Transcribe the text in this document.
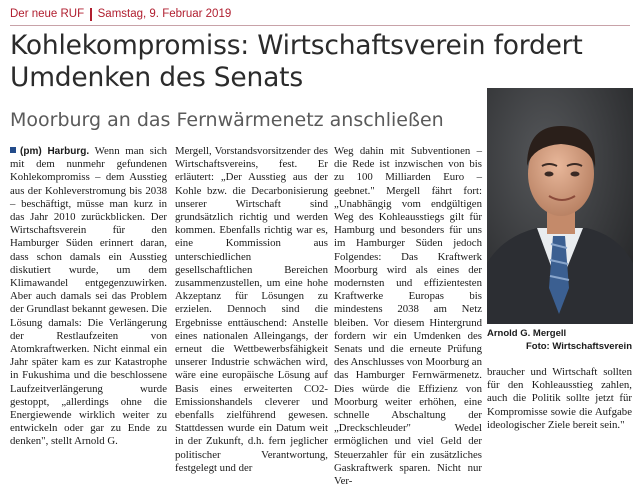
Der neue RUF Samstag, 9. Februar 2019
Kohlekompromiss: Wirtschaftsverein fordert Umdenken des Senats
Moorburg an das Fernwärmenetz anschließen

(pm) Harburg. Wenn man sich mit dem nunmehr gefundenen Kohlekompromiss – dem Ausstieg aus der Kohleverstromung bis 2038 – beschäftigt, müsse man kurz in das Jahr 2010 zurückblicken. Der Wirtschaftsverein für den Hamburger Süden erinnert daran, dass schon damals ein Ausstieg diskutiert wurde, um dem Klimawandel entgegenzuwirken. Aber auch damals sei das Problem der Grundlast bekannt gewesen. Die Lösung damals: Die Verlängerung der Restlaufzeiten von Atomkraftwerken. Nicht einmal ein Jahr später kam es zur Katastrophe in Fukushima und die beschlossene Laufzeitverlängerung wurde gestoppt, „allerdings ohne die Energiewende wirklich weiter zu entwickeln oder gar zu Ende zu denken", stellt Arnold G.

Mergell, Vorstandsvorsitzender des Wirtschaftsvereins, fest. Er erläutert: „Der Ausstieg aus der Kohle bzw. die Decarbonisierung unserer Wirtschaft sind grundsätzlich richtig und werden kommen. Ebenfalls richtig war es, eine Kommission aus unterschiedlichen gesellschaftlichen Bereichen zusammenzustellen, um eine hohe Akzeptanz für Lösungen zu erzielen. Dennoch sind die Ergebnisse enttäuschend: Anstelle eines nationalen Alleingangs, der erneut die Wettbewerbsfähigkeit unserer Industrie schwächen wird, wäre eine europäische Lösung auf Basis eines erweiterten CO2-Emissionshandels cleverer und ebenfalls zielführend gewesen. Stattdessen wurde ein Datum weit in der Zukunft, d.h. fern jeglicher politischer Verantwortung, festgelegt und der

Weg dahin mit Subventionen – die Rede ist inzwischen von bis zu 100 Milliarden Euro – geebnet." Mergell fährt fort: „Unabhängig vom endgültigen Weg des Kohleausstiegs gilt für Hamburg und besonders für uns im Hamburger Süden jedoch Folgendes: Das Kraftwerk Moorburg wird als eines der modernsten und effizientesten Kraftwerke Europas bis mindestens 2038 am Netz bleiben. Vor diesem Hintergrund fordern wir ein Umdenken des Senats und die erneute Prüfung des Anschlusses von Moorburg an das Hamburger Fernwärmenetz. Dies würde die Effizienz von Moorburg weiter erhöhen, eine schnelle Abschaltung der „Dreckschleuder" Wedel ermöglichen und viel Geld der Steuerzahler für ein zusätzliches Gaskraftwerk sparen. Nicht nur Ver-

Arnold G. Mergell
Foto: Wirtschaftsverein

braucher und Wirtschaft sollten für den Kohleausstieg zahlen, auch die Politik sollte jetzt für Kompromisse sowie die Aufgabe ideologischer Ziele bereit sein."
